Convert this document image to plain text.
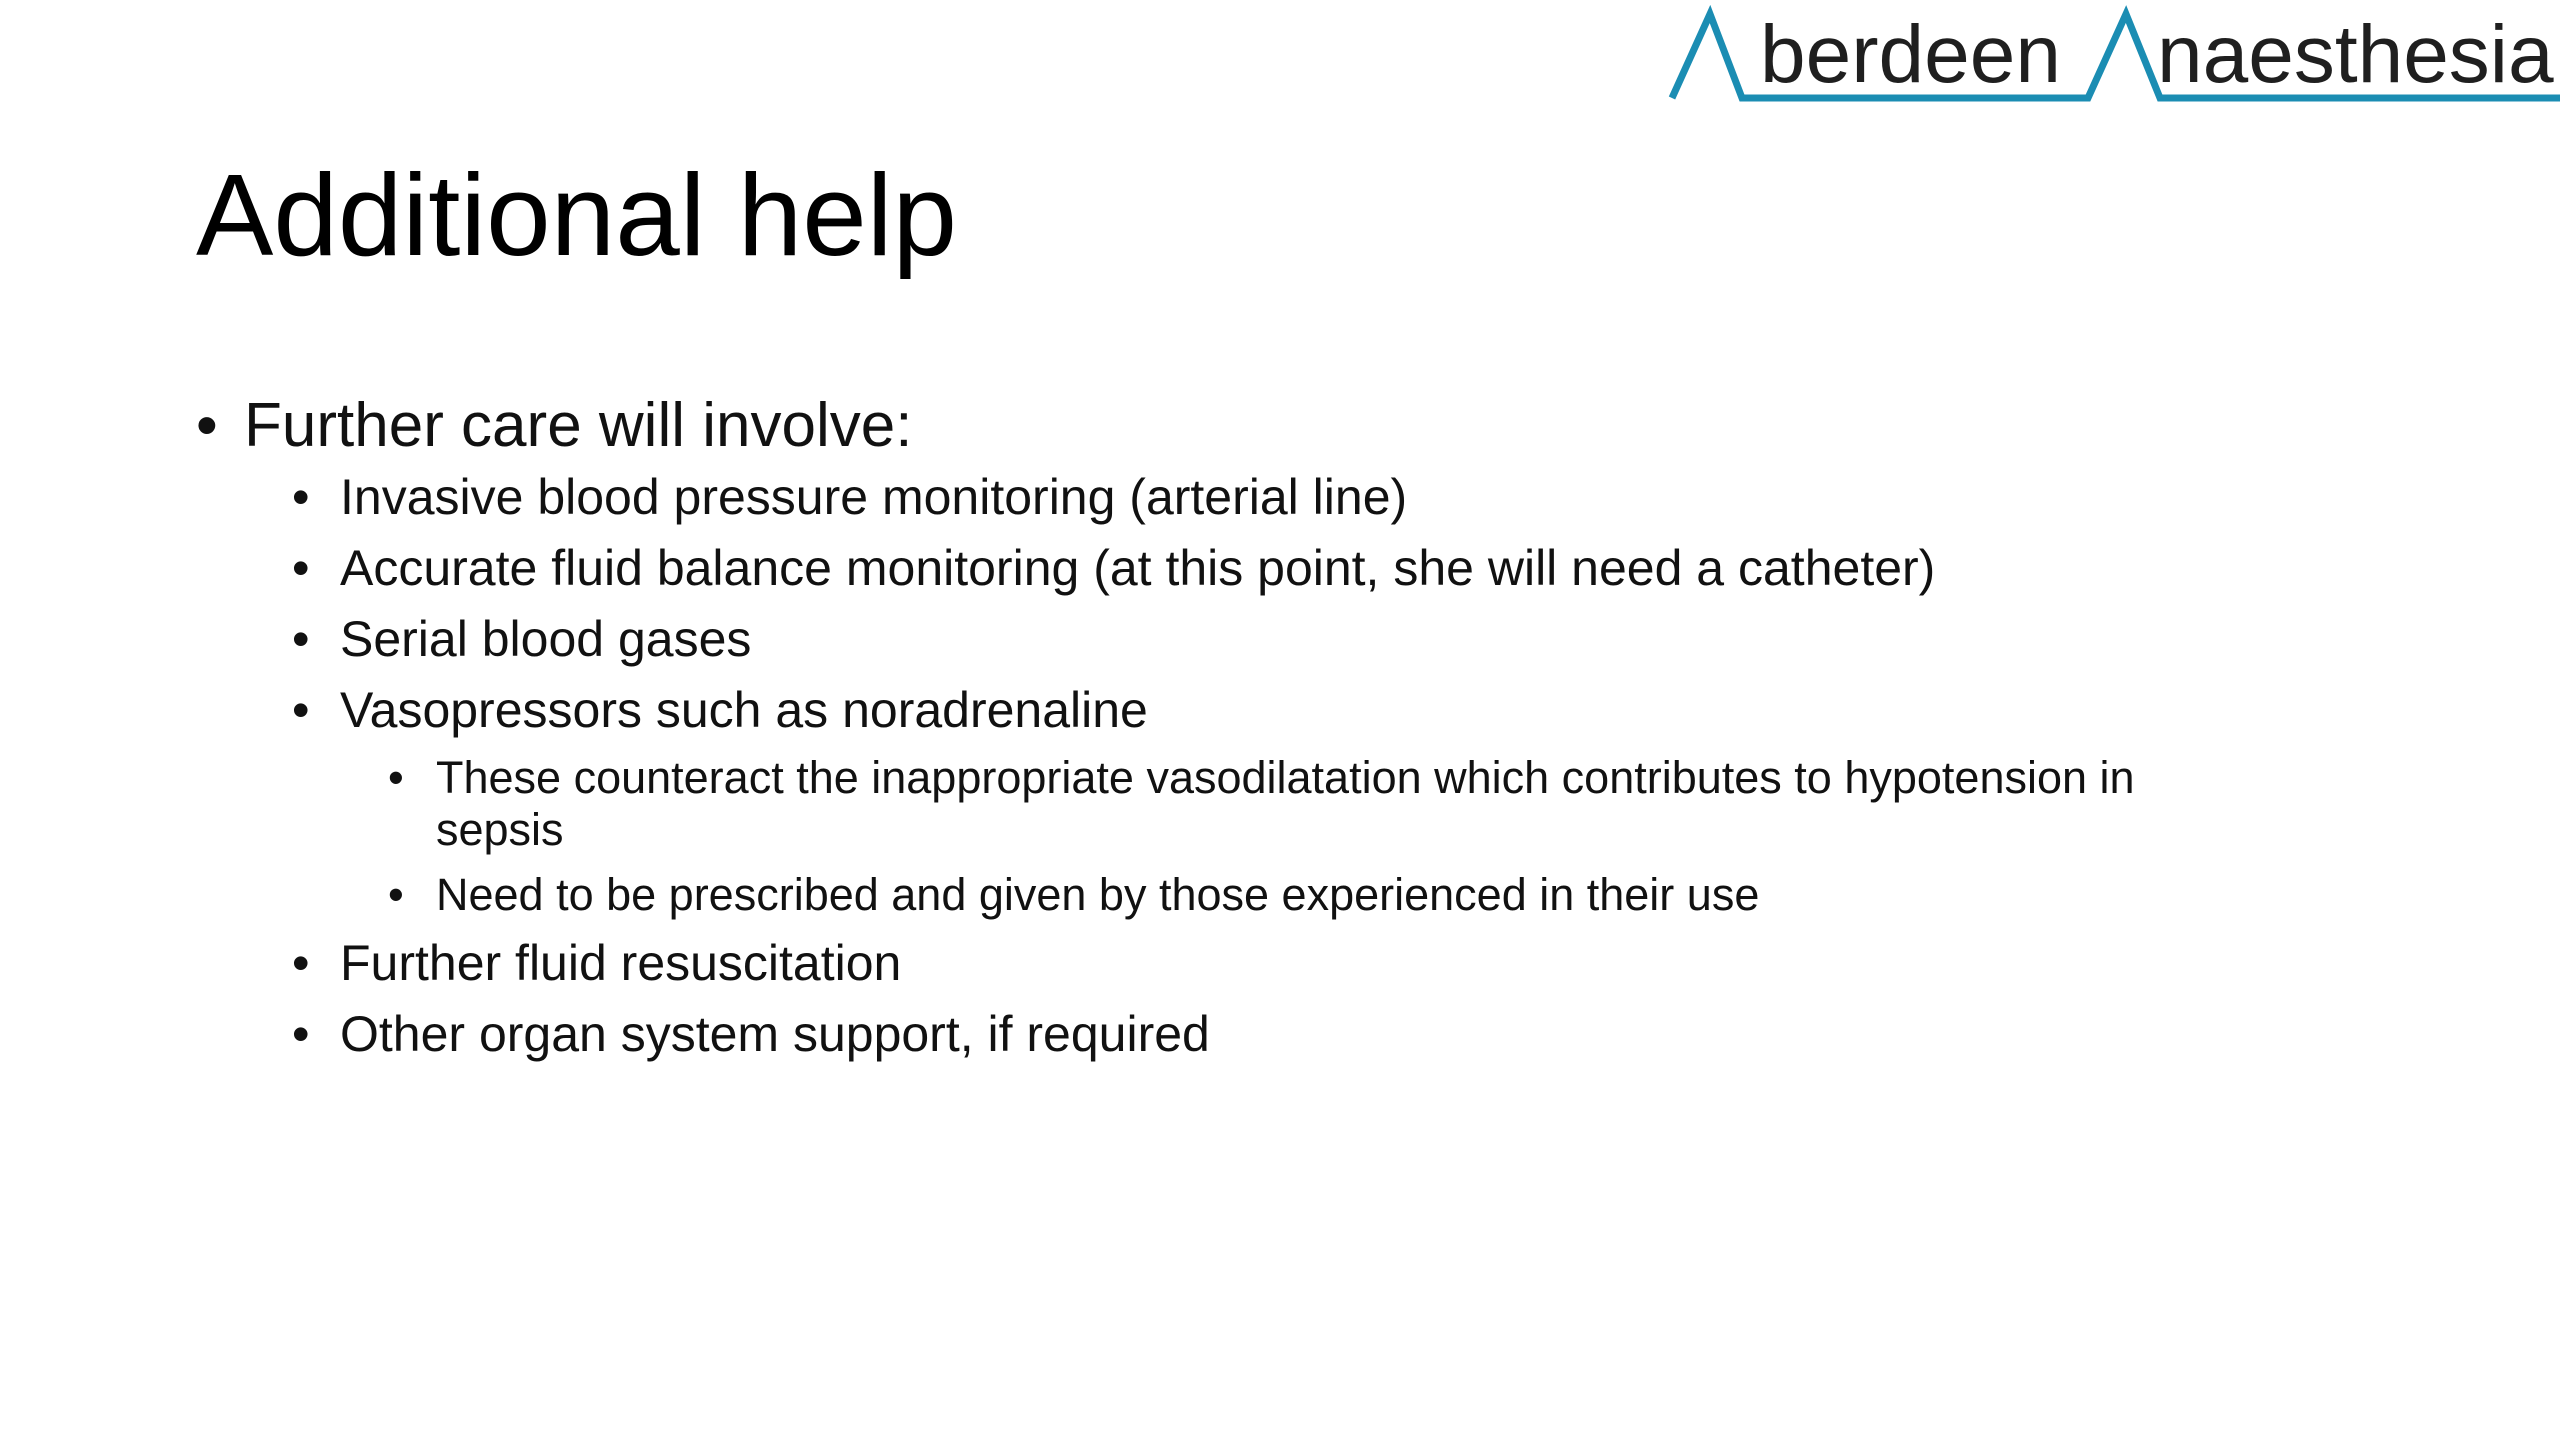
berdeen naesthesia
Additional help
• Further care will involve:
• Invasive blood pressure monitoring (arterial line)
• Accurate fluid balance monitoring (at this point, she will need a catheter)
• Serial blood gases
• Vasopressors such as noradrenaline
• These counteract the inappropriate vasodilatation which contributes to hypotension in sepsis
• Need to be prescribed and given by those experienced in their use
• Further fluid resuscitation
• Other organ system support, if required
